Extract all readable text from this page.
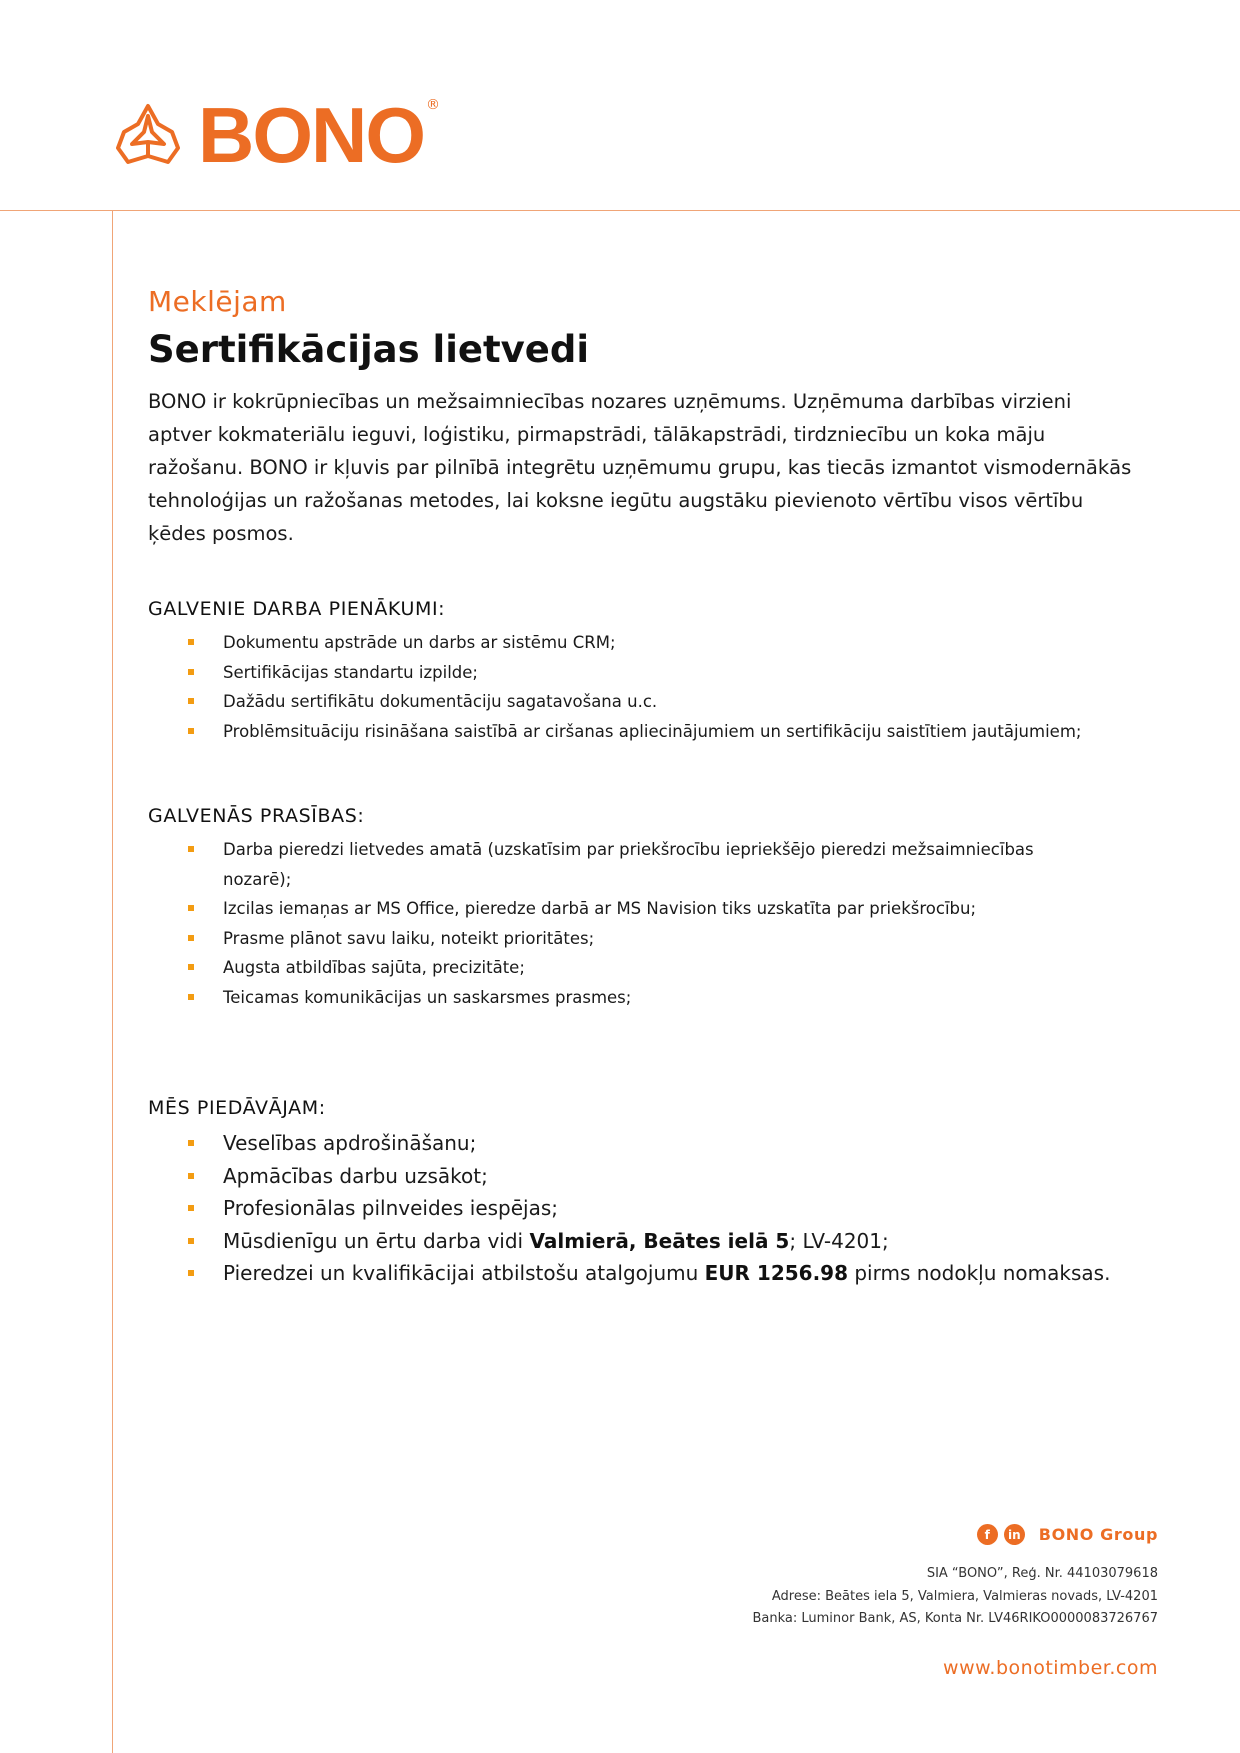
BONO ®

Meklējam

Sertifikācijas lietvedi

BONO ir kokrūpniecības un mežsaimniecības nozares uzņēmums. Uzņēmuma darbības virzieni aptver kokmateriālu ieguvi, loģistiku, pirmapstrādi, tālākapstrādi, tirdzniecību un koka māju ražošanu. BONO ir kļuvis par pilnībā integrētu uzņēmumu grupu, kas tiecās izmantot vismodernākās tehnoloģijas un ražošanas metodes, lai koksne iegūtu augstāku pievienoto vērtību visos vērtību ķēdes posmos.

GALVENIE DARBA PIENĀKUMI:
Dokumentu apstrāde un darbs ar sistēmu CRM;
Sertifikācijas standartu izpilde;
Dažādu sertifikātu dokumentāciju sagatavošana u.c.
Problēmsituāciju risināšana saistībā ar ciršanas apliecinājumiem un sertifikāciju saistītiem jautājumiem;
GALVENĀS PRASĪBAS:
Darba pieredzi lietvedes amatā (uzskatīsim par priekšrocību iepriekšējo pieredzi mežsaimniecības nozarē);
Izcilas iemaņas ar MS Office, pieredze darbā ar MS Navision tiks uzskatīta par priekšrocību;
Prasme plānot savu laiku, noteikt prioritātes;
Augsta atbildības sajūta, precizitāte;
Teicamas komunikācijas un saskarsmes prasmes;
MĒS PIEDĀVĀJAM:
Veselības apdrošināšanu;
Apmācības darbu uzsākot;
Profesionālas pilnveides iespējas;
Mūsdienīgu un ērtu darba vidi Valmierā, Beātes ielā 5; LV-4201;
Pieredzei un kvalifikācijai atbilstošu atalgojumu EUR 1256.98 pirms nodokļu nomaksas.
f	in BONO Group
SIA “BONO”, Reģ. Nr. 44103079618
Adrese: Beātes iela 5, Valmiera, Valmieras novads, LV-4201
Banka: Luminor Bank, AS, Konta Nr. LV46RIKO0000083726767
www.bonotimber.com
